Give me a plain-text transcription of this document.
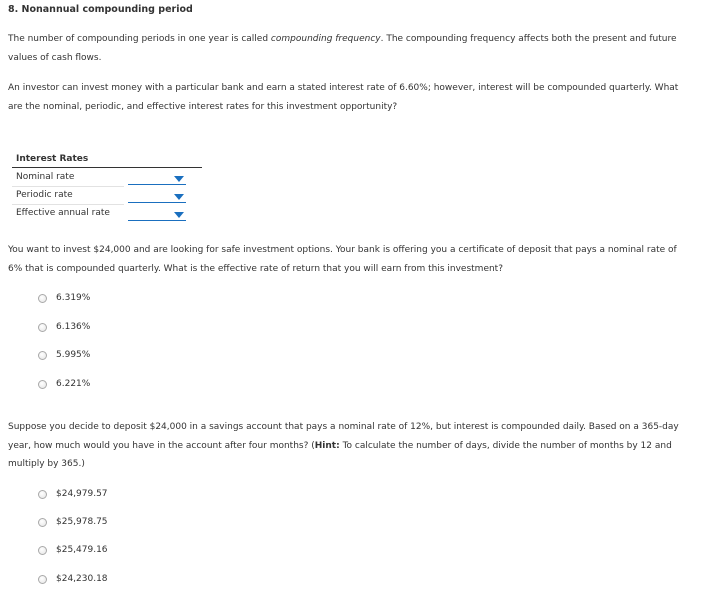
8. Nonannual compounding period
The number of compounding periods in one year is called compounding frequency. The compounding frequency affects both the present and future
values of cash flows.
An investor can invest money with a particular bank and earn a stated interest rate of 6.60%; however, interest will be compounded quarterly. What
are the nominal, periodic, and effective interest rates for this investment opportunity?
Interest Rates
Nominal rate
Periodic rate
Effective annual rate
You want to invest $24,000 and are looking for safe investment options. Your bank is offering you a certificate of deposit that pays a nominal rate of
6% that is compounded quarterly. What is the effective rate of return that you will earn from this investment?
6.319%
6.136%
5.995%
6.221%
Suppose you decide to deposit $24,000 in a savings account that pays a nominal rate of 12%, but interest is compounded daily. Based on a 365-day
year, how much would you have in the account after four months? (Hint: To calculate the number of days, divide the number of months by 12 and
multiply by 365.)
$24,979.57
$25,978.75
$25,479.16
$24,230.18
